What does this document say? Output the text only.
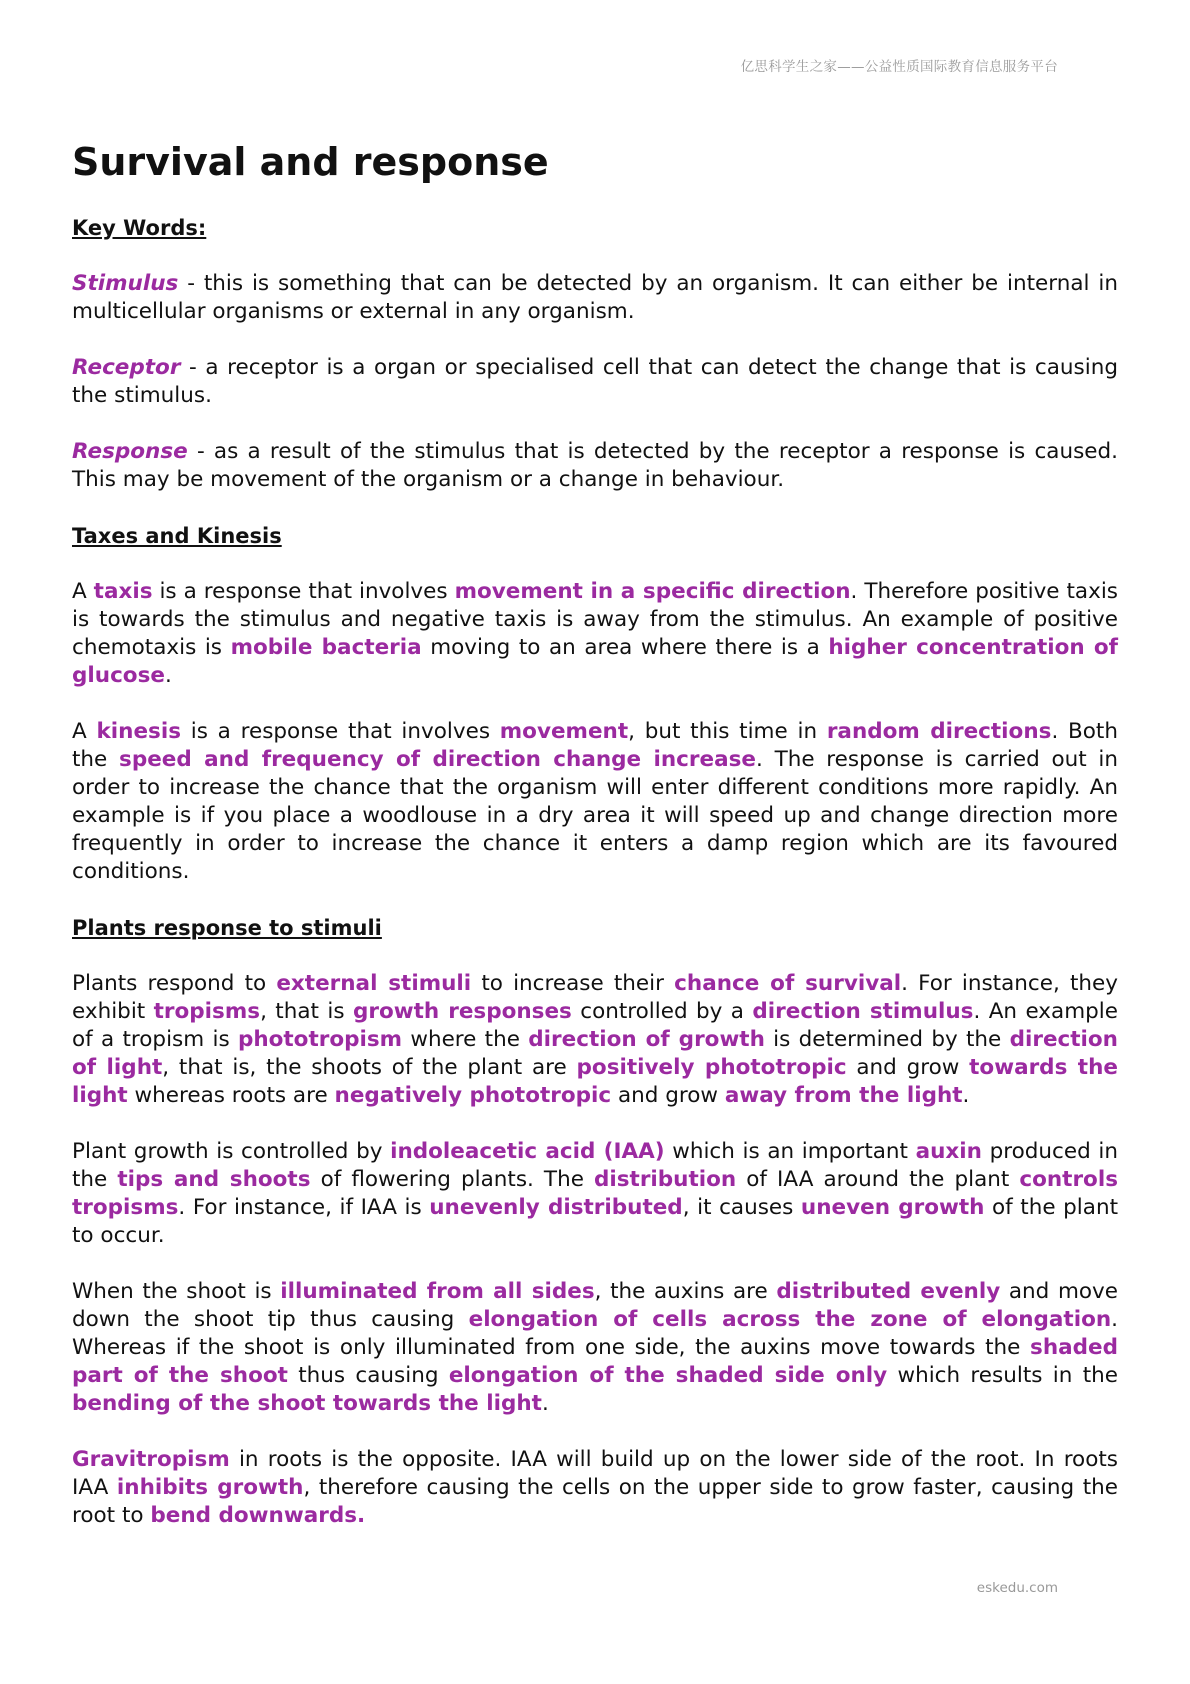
亿思科学生之家——公益性质国际教育信息服务平台
Survival and response
Key Words:

Stimulus - this is something that can be detected by an organism. It can either be internal in multicellular organisms or external in any organism.

Receptor - a receptor is a organ or specialised cell that can detect the change that is causing the stimulus.

Response - as a result of the stimulus that is detected by the receptor a response is caused. This may be movement of the organism or a change in behaviour.

Taxes and Kinesis

A taxis is a response that involves movement in a specific direction. Therefore positive taxis is towards the stimulus and negative taxis is away from the stimulus. An example of positive chemotaxis is mobile bacteria moving to an area where there is a higher concentration of glucose.

A kinesis is a response that involves movement, but this time in random directions. Both the speed and frequency of direction change increase. The response is carried out in order to increase the chance that the organism will enter different conditions more rapidly. An example is if you place a woodlouse in a dry area it will speed up and change direction more frequently in order to increase the chance it enters a damp region which are its favoured conditions.

Plants response to stimuli

Plants respond to external stimuli to increase their chance of survival. For instance, they exhibit tropisms, that is growth responses controlled by a direction stimulus. An example of a tropism is phototropism where the direction of growth is determined by the direction of light, that is, the shoots of the plant are positively phototropic and grow towards the light whereas roots are negatively phototropic and grow away from the light.

Plant growth is controlled by indoleacetic acid (IAA) which is an important auxin produced in the tips and shoots of flowering plants. The distribution of IAA around the plant controls tropisms. For instance, if IAA is unevenly distributed, it causes uneven growth of the plant to occur.

When the shoot is illuminated from all sides, the auxins are distributed evenly and move down the shoot tip thus causing elongation of cells across the zone of elongation. Whereas if the shoot is only illuminated from one side, the auxins move towards the shaded part of the shoot thus causing elongation of the shaded side only which results in the bending of the shoot towards the light.

Gravitropism in roots is the opposite. IAA will build up on the lower side of the root. In roots IAA inhibits growth, therefore causing the cells on the upper side to grow faster, causing the root to bend downwards.

eskedu.com
